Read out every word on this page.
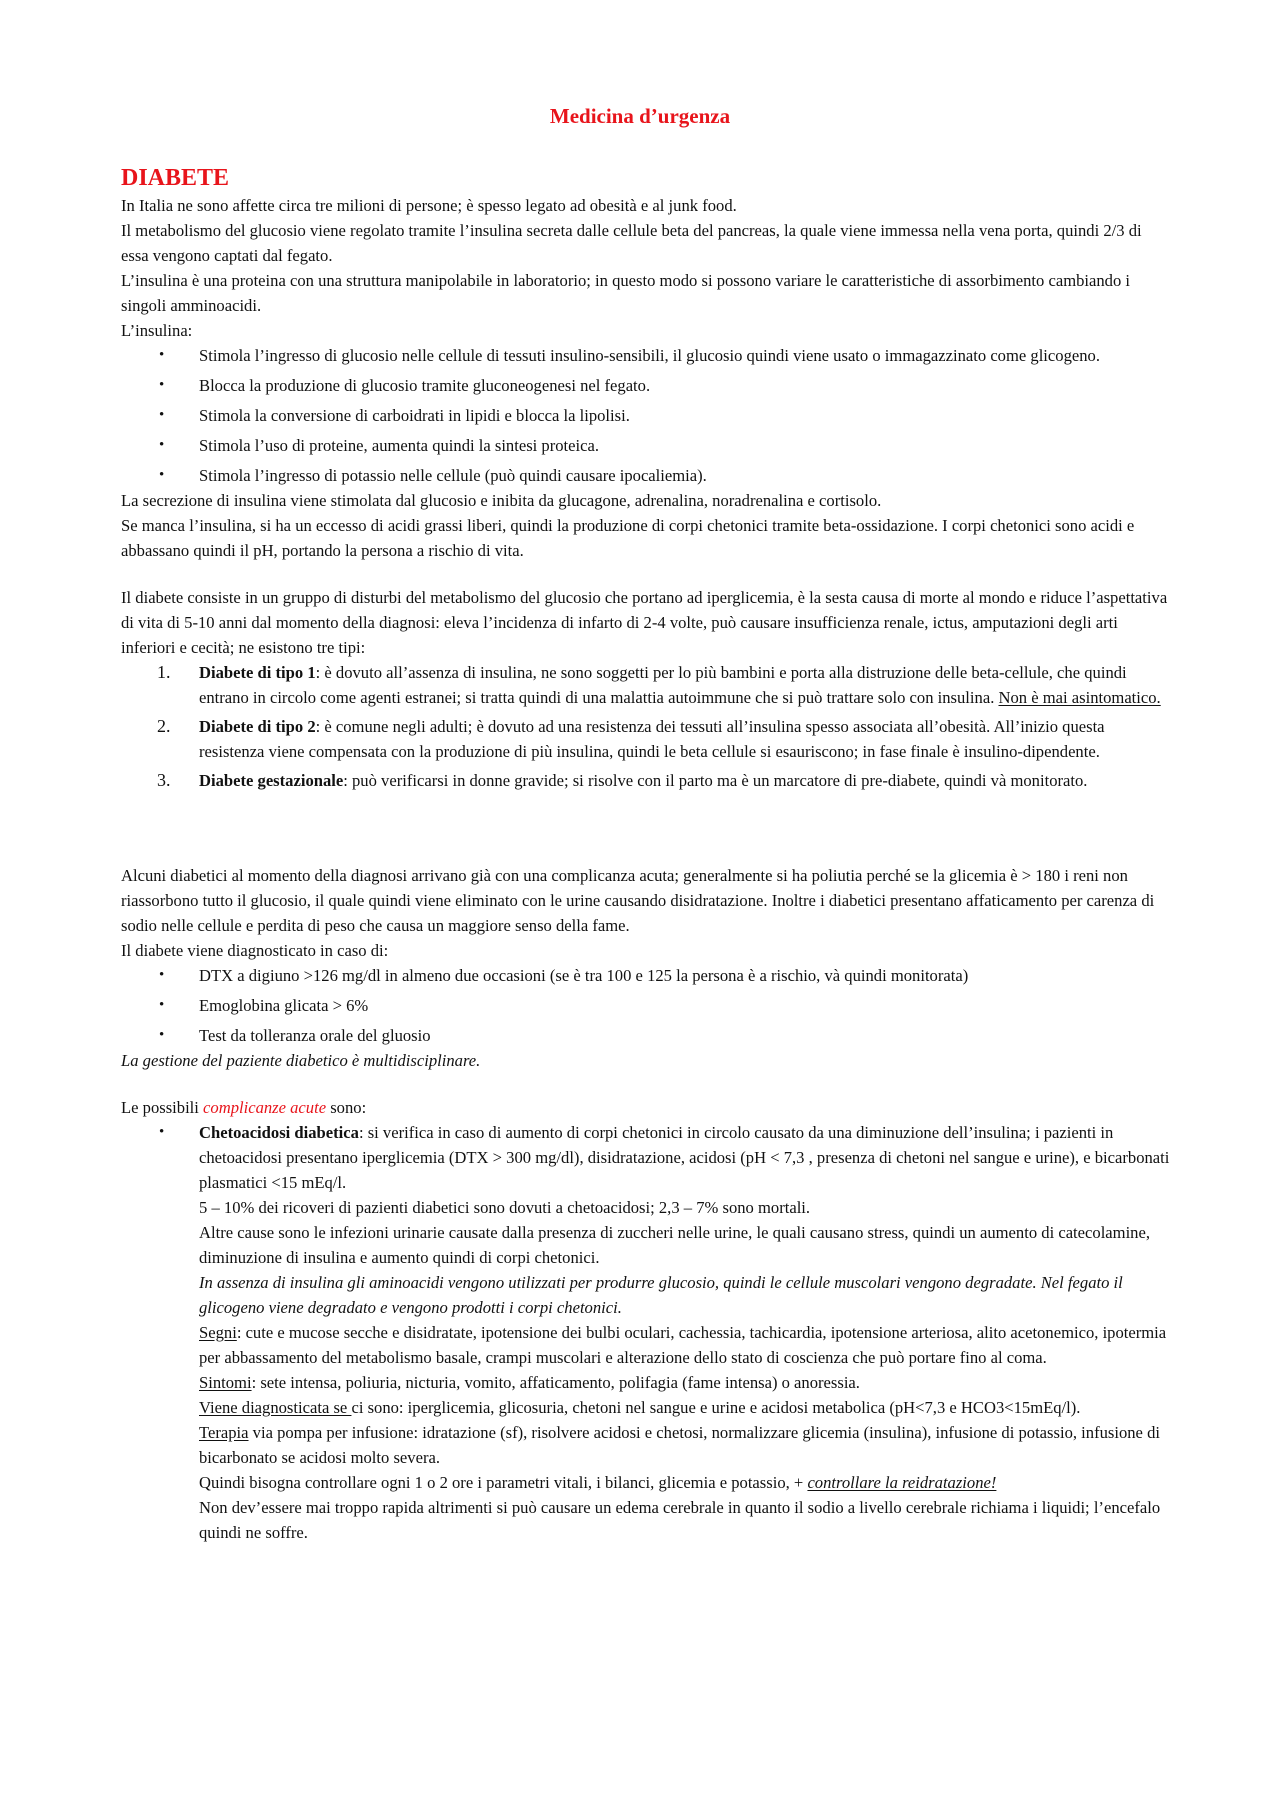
Medicina d’urgenza
DIABETE

In Italia ne sono affette circa tre milioni di persone; è spesso legato ad obesità e al junk food.

Il metabolismo del glucosio viene regolato tramite l’insulina secreta dalle cellule beta del pancreas, la quale viene immessa nella vena porta, quindi 2/3 di essa vengono captati dal fegato.

L’insulina è una proteina con una struttura manipolabile in laboratorio; in questo modo si possono variare le caratteristiche di assorbimento cambiando i singoli amminoacidi.

L’insulina:

• Stimola l’ingresso di glucosio nelle cellule di tessuti insulino-sensibili, il glucosio quindi viene usato o immagazzinato come glicogeno.
• Blocca la produzione di glucosio tramite gluconeogenesi nel fegato.
• Stimola la conversione di carboidrati in lipidi e blocca la lipolisi.
• Stimola l’uso di proteine, aumenta quindi la sintesi proteica.
• Stimola l’ingresso di potassio nelle cellule (può quindi causare ipocaliemia).

La secrezione di insulina viene stimolata dal glucosio e inibita da glucagone, adrenalina, noradrenalina e cortisolo.

Se manca l’insulina, si ha un eccesso di acidi grassi liberi, quindi la produzione di corpi chetonici tramite beta-ossidazione. I corpi chetonici sono acidi e abbassano quindi il pH, portando la persona a rischio di vita.

Il diabete consiste in un gruppo di disturbi del metabolismo del glucosio che portano ad iperglicemia, è la sesta causa di morte al mondo e riduce l’aspettativa di vita di 5-10 anni dal momento della diagnosi: eleva l’incidenza di infarto di 2-4 volte, può causare insufficienza renale, ictus, amputazioni degli arti inferiori e cecità; ne esistono tre tipi:

1. Diabete di tipo 1: è dovuto all’assenza di insulina, ne sono soggetti per lo più bambini e porta alla distruzione delle beta-cellule, che quindi entrano in circolo come agenti estranei; si tratta quindi di una malattia autoimmune che si può trattare solo con insulina. Non è mai asintomatico.
2. Diabete di tipo 2: è comune negli adulti; è dovuto ad una resistenza dei tessuti all’insulina spesso associata all’obesità. All’inizio questa resistenza viene compensata con la produzione di più insulina, quindi le beta cellule si esauriscono; in fase finale è insulino-dipendente.
3. Diabete gestazionale: può verificarsi in donne gravide; si risolve con il parto ma è un marcatore di pre-diabete, quindi và monitorato.

Alcuni diabetici al momento della diagnosi arrivano già con una complicanza acuta; generalmente si ha poliutia perché se la glicemia è > 180 i reni non riassorbono tutto il glucosio, il quale quindi viene eliminato con le urine causando disidratazione. Inoltre i diabetici presentano affaticamento per carenza di sodio nelle cellule e perdita di peso che causa un maggiore senso della fame.

Il diabete viene diagnosticato in caso di:

• DTX a digiuno >126 mg/dl in almeno due occasioni (se è tra 100 e 125 la persona è a rischio, và quindi monitorata)
• Emoglobina glicata > 6%
• Test da tolleranza orale del gluosio

La gestione del paziente diabetico è multidisciplinare.

Le possibili complicanze acute sono:

• Chetoacidosi diabetica: si verifica in caso di aumento di corpi chetonici in circolo causato da una diminuzione dell’insulina; i pazienti in chetoacidosi presentano iperglicemia (DTX > 300 mg/dl), disidratazione, acidosi (pH < 7,3 , presenza di chetoni nel sangue e urine), e bicarbonati plasmatici <15 mEq/l.
5 – 10% dei ricoveri di pazienti diabetici sono dovuti a chetoacidosi; 2,3 – 7% sono mortali.
Altre cause sono le infezioni urinarie causate dalla presenza di zuccheri nelle urine, le quali causano stress, quindi un aumento di catecolamine, diminuzione di insulina e aumento quindi di corpi chetonici.
In assenza di insulina gli aminoacidi vengono utilizzati per produrre glucosio, quindi le cellule muscolari vengono degradate. Nel fegato il glicogeno viene degradato e vengono prodotti i corpi chetonici.
Segni: cute e mucose secche e disidratate, ipotensione dei bulbi oculari, cachessia, tachicardia, ipotensione arteriosa, alito acetonemico, ipotermia per abbassamento del metabolismo basale, crampi muscolari e alterazione dello stato di coscienza che può portare fino al coma.
Sintomi: sete intensa, poliuria, nicturia, vomito, affaticamento, polifagia (fame intensa) o anoressia.
Viene diagnosticata se ci sono: iperglicemia, glicosuria, chetoni nel sangue e urine e acidosi metabolica (pH<7,3 e HCO3<15mEq/l).
Terapia via pompa per infusione: idratazione (sf), risolvere acidosi e chetosi, normalizzare glicemia (insulina), infusione di potassio, infusione di bicarbonato se acidosi molto severa.
Quindi bisogna controllare ogni 1 o 2 ore i parametri vitali, i bilanci, glicemia e potassio, + controllare la reidratazione!
Non dev’essere mai troppo rapida altrimenti si può causare un edema cerebrale in quanto il sodio a livello cerebrale richiama i liquidi; l’encefalo quindi ne soffre.
